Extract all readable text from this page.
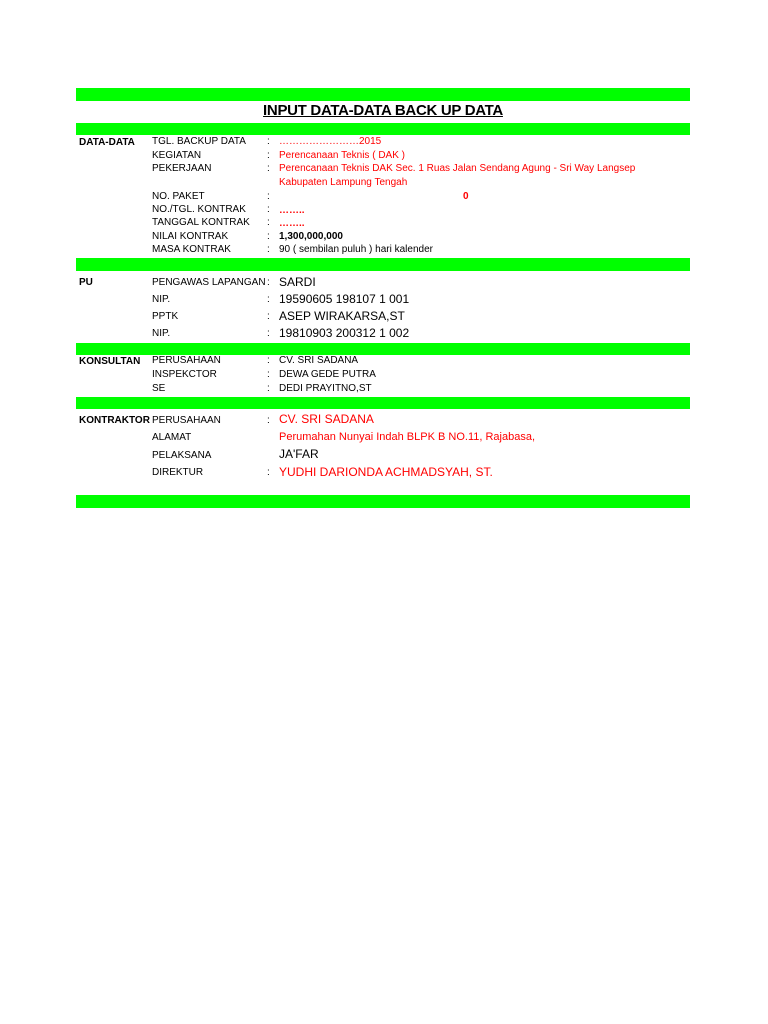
INPUT DATA-DATA BACK UP DATA
DATA-DATA TGL. BACKUP DATA : ……………………2015
KEGIATAN	: Perencanaan Teknis ( DAK )
PEKERJAAN	: Perencanaan Teknis DAK Sec. 1 Ruas Jalan Sendang Agung - Sri Way Langsep
Kabupaten Lampung Tengah
NO. PAKET	:	0
NO./TGL. KONTRAK : ……..
TANGGAL KONTRAK : ……..
NILAI KONTRAK	: 1,300,000,000
MASA KONTRAK	: 90 ( sembilan puluh ) hari kalender
PU	PENGAWAS LAPANGAN : SARDI
NIP.	: 19590605 198107 1 001
PPTK	: ASEP WIRAKARSA,ST
NIP.	: 19810903 200312 1 002
KONSULTAN PERUSAHAAN	: CV. SRI SADANA
INSPEKCTOR	: DEWA GEDE PUTRA
SE	: DEDI PRAYITNO,ST
KONTRAKTOR PERUSAHAAN	: CV. SRI SADANA
ALAMAT	Perumahan Nunyai Indah BLPK B NO.11, Rajabasa,
PELAKSANA	JA'FAR
DIREKTUR	: YUDHI DARIONDA ACHMADSYAH, ST.
